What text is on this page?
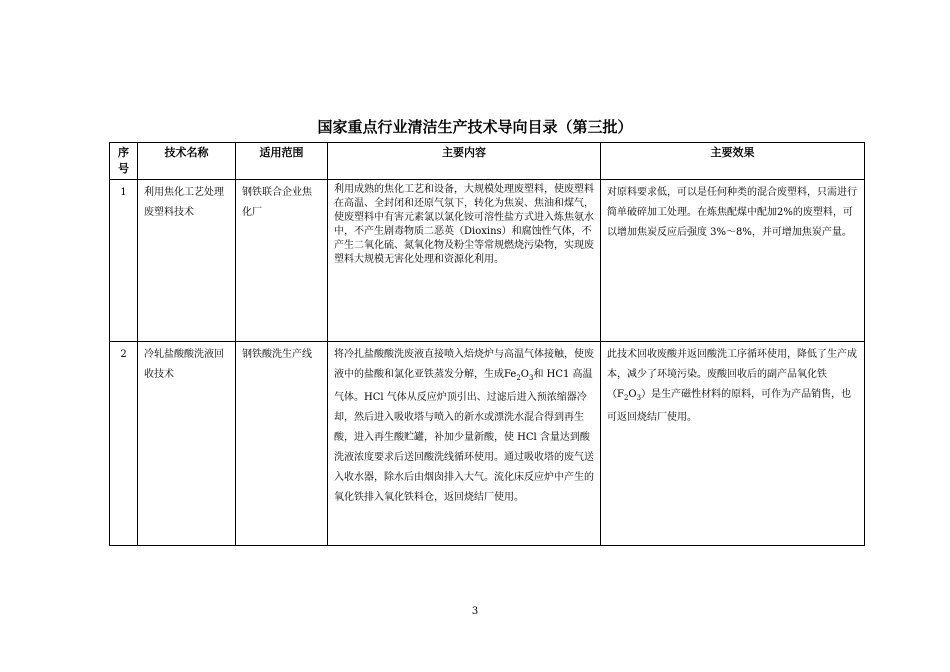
国家重点行业清洁生产技术导向目录（第三批）
序号	技术名称	适用范围	主要内容	主要效果
1	利用焦化工艺处理废塑料技术	钢铁联合企业焦化厂	利用成熟的焦化工艺和设备，大规模处理废塑料，使废塑料在高温、全封闭和还原气氛下，转化为焦炭、焦油和煤气，使废塑料中有害元素氯以氯化铵可溶性盐方式进入炼焦氨水中，不产生剧毒物质二恶英（Dioxins）和腐蚀性气体，不产生二氧化硫、氮氧化物及粉尘等常规燃烧污染物，实现废塑料大规模无害化处理和资源化利用。	对原料要求低，可以是任何种类的混合废塑料，只需进行简单破碎加工处理。在炼焦配煤中配加2%的废塑料，可以增加焦炭反应后强度 3%～8%，并可增加焦炭产量。
2	冷轧盐酸酸洗液回收技术	钢铁酸洗生产线	将冷扎盐酸酸洗废液直接喷入焙烧炉与高温气体接触，使废液中的盐酸和氯化亚铁蒸发分解，生成$Fe_2O_3$和 HC1 高温气体。HCl 气体从反应炉顶引出、过滤后进入预浓缩器冷却，然后进入吸收塔与喷入的新水或漂洗水混合得到再生酸，进入再生酸贮罐，补加少量新酸，使 HCl 含量达到酸洗液浓度要求后送回酸洗线循环使用。通过吸收塔的废气送入收水器，除水后由烟囱排入大气。流化床反应炉中产生的氧化铁排入氧化铁料仓，返回烧结厂使用。	此技术回收废酸并返回酸洗工序循环使用，降低了生产成本，减少了环境污染。废酸回收后的副产品氧化铁$(F_2O_3)$是生产磁性材料的原料，可作为产品销售，也可返回烧结厂使用。
3
